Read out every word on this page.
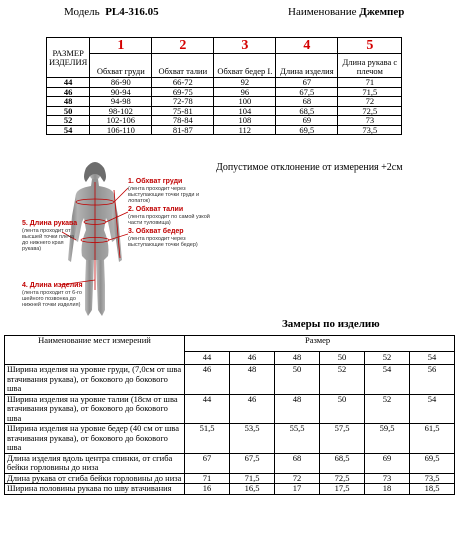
Модель PL4-316.05	Наименование Джемпер
РАЗМЕР ИЗДЕЛИЯ	1	2	3	4	5
	Обхват груди	Обхват талии	Обхват бедер I.	Длина изделия	Длина рукава с плечом
44	86-90	66-72	92	67	71
46	90-94	69-75	96	67,5	71,5
48	94-98	72-78	100	68	72
50	98-102	75-81	104	68,5	72,5
52	102-106	78-84	108	69	73
54	106-110	81-87	112	69,5	73,5
Допустимое отклонение от измерения +2см
1. Обхват груди
(лента проходит через выступающие точки груди и лопаток)
2. Обхват талии
(лента проходит по самой узкой части туловища)
3. Обхват бедер
(лента проходит через выступающие точки бедер)
5. Длина рукава
(лента проходит от высшей точки плеча до нижнего края рукава)
4. Длина изделия
(лента проходит от 6-го шейного позвонка до нижней точки изделия)
Замеры по изделию
Наименование мест измерений	Размер					
	44	46	48	50	52	54
Ширина изделия на уровне груди, (7,0см от шва втачивания рукава), от бокового до бокового шва	46	48	50	52	54	56
Ширина изделия на уровне талии (18см от шва втачивания рукава), от бокового до бокового шва	44	46	48	50	52	54
Ширина изделия на уровне бедер (40 см от шва втачивания рукава), от бокового до бокового шва	51,5	53,5	55,5	57,5	59,5	61,5
Длина изделия вдоль центра спинки, от сгиба бейки горловины до низа	67	67,5	68	68,5	69	69,5
Длина рукава от сгиба бейки горловины до низа	71	71,5	72	72,5	73	73,5
Ширина половины рукава по шву втачивания	16	16,5	17	17,5	18	18,5
